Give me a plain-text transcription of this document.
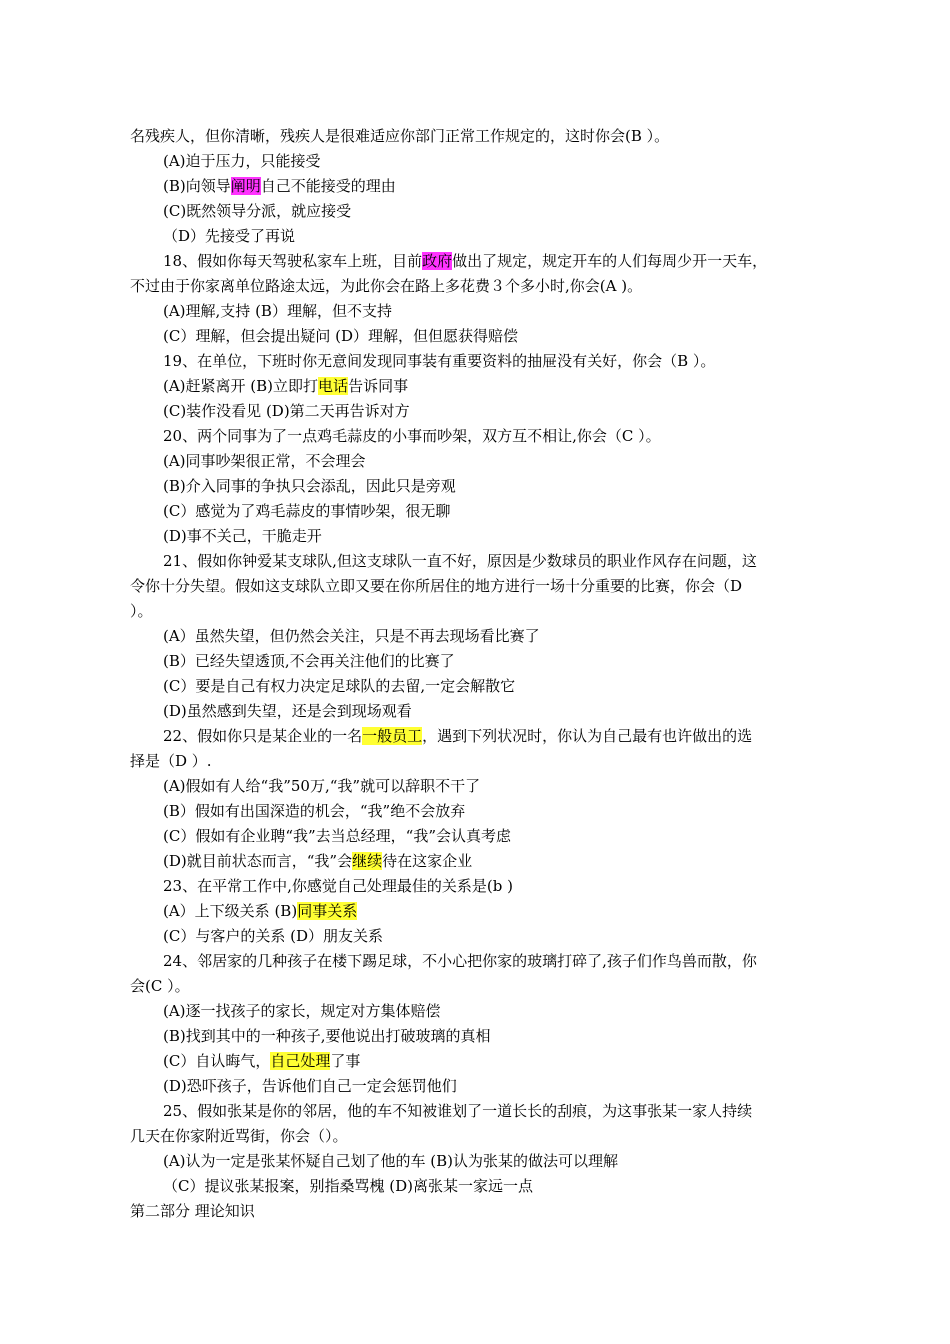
名残疾人，但你清晰，残疾人是很难适应你部门正常工作规定的，这时你会(B ）。
(A)迫于压力，只能接受
(B)向领导阐明自己不能接受的理由
(C)既然领导分派，就应接受
（D）先接受了再说
18、假如你每天驾驶私家车上班，目前政府做出了规定，规定开车的人们每周少开一天车，
不过由于你家离单位路途太远，为此你会在路上多花费３个多小时,你会(A )。
(A)理解,支持 (B）理解，但不支持
(C）理解，但会提出疑问 (D）理解，但但愿获得赔偿
19、在单位，下班时你无意间发现同事装有重要资料的抽屉没有关好，你会（B ）。
(A)赶紧离开 (B)立即打电话告诉同事
(C)装作没看见 (D)第二天再告诉对方
20、两个同事为了一点鸡毛蒜皮的小事而吵架，双方互不相让,你会（C ）。
(A)同事吵架很正常，不会理会
(B)介入同事的争执只会添乱，因此只是旁观
(C）感觉为了鸡毛蒜皮的事情吵架，很无聊
(D)事不关己，干脆走开
21、假如你钟爱某支球队,但这支球队一直不好，原因是少数球员的职业作风存在问题，这
令你十分失望。假如这支球队立即又要在你所居住的地方进行一场十分重要的比赛，你会（D
）。
(A）虽然失望，但仍然会关注，只是不再去现场看比赛了
(B）已经失望透顶,不会再关注他们的比赛了
(C）要是自己有权力决定足球队的去留,一定会解散它
(D)虽然感到失望，还是会到现场观看
22、假如你只是某企业的一名一般员工，遇到下列状况时，你认为自己最有也许做出的选
择是（D ）.
(A)假如有人给“我”50万,“我”就可以辞职不干了
(B）假如有出国深造的机会，“我”绝不会放弃
(C）假如有企业聘“我”去当总经理，“我”会认真考虑
(D)就目前状态而言，“我”会继续待在这家企业
23、在平常工作中,你感觉自己处理最佳的关系是(b )
(A）上下级关系 (B)同事关系
(C）与客户的关系 (D）朋友关系
24、邻居家的几种孩子在楼下踢足球，不小心把你家的玻璃打碎了,孩子们作鸟兽而散，你
会(C ）。
(A)逐一找孩子的家长，规定对方集体赔偿
(B)找到其中的一种孩子,要他说出打破玻璃的真相
(C）自认晦气，自己处理了事
(D)恐吓孩子，告诉他们自己一定会惩罚他们
25、假如张某是你的邻居，他的车不知被谁划了一道长长的刮痕，为这事张某一家人持续
几天在你家附近骂街，你会（）。
(A)认为一定是张某怀疑自己划了他的车 (B)认为张某的做法可以理解
（C）提议张某报案，别指桑骂槐 (D)离张某一家远一点
第二部分 理论知识
